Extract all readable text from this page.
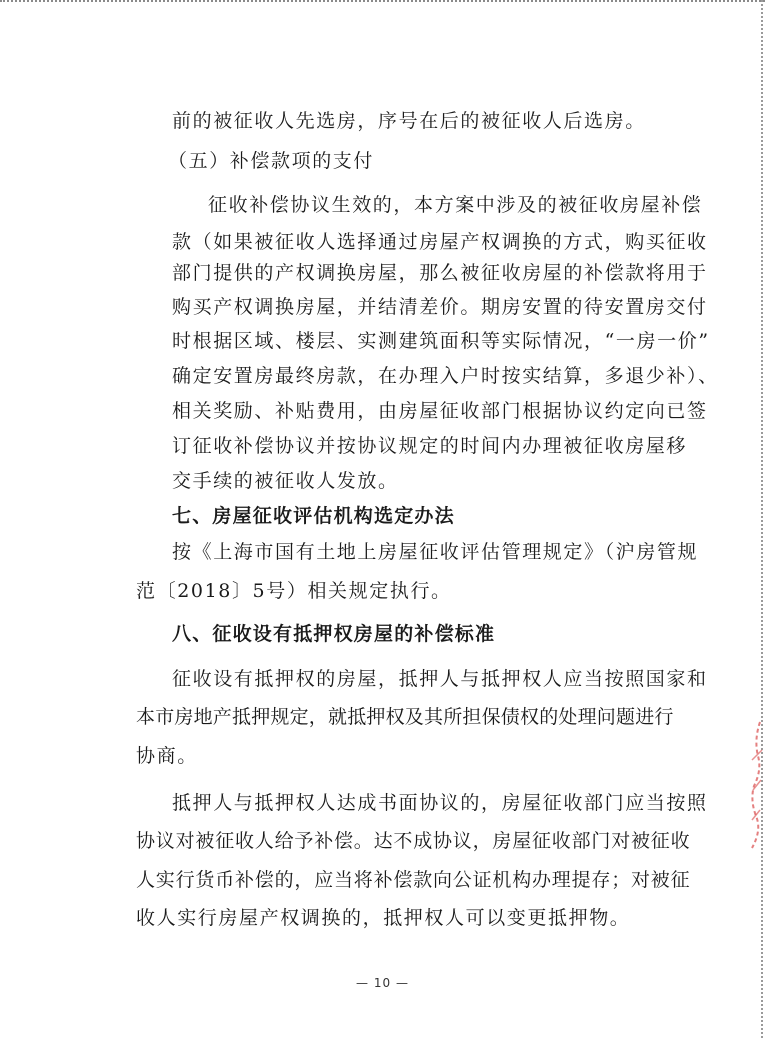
前的被征收人先选房，序号在后的被征收人后选房。
（五）补偿款项的支付
征收补偿协议生效的，本方案中涉及的被征收房屋补偿
款（如果被征收人选择通过房屋产权调换的方式，购买征收
部门提供的产权调换房屋，那么被征收房屋的补偿款将用于
购买产权调换房屋，并结清差价。期房安置的待安置房交付
时根据区域、楼层、实测建筑面积等实际情况，“一房一价”
确定安置房最终房款，在办理入户时按实结算，多退少补）、
相关奖励、补贴费用，由房屋征收部门根据协议约定向已签
订征收补偿协议并按协议规定的时间内办理被征收房屋移
交手续的被征收人发放。
七、房屋征收评估机构选定办法
按《上海市国有土地上房屋征收评估管理规定》（沪房管规
范〔2018〕5号）相关规定执行。
八、征收设有抵押权房屋的补偿标准
征收设有抵押权的房屋，抵押人与抵押权人应当按照国家和
本市房地产抵押规定，就抵押权及其所担保债权的处理问题进行
协商。
抵押人与抵押权人达成书面协议的，房屋征收部门应当按照
协议对被征收人给予补偿。达不成协议，房屋征收部门对被征收
人实行货币补偿的，应当将补偿款向公证机构办理提存；对被征
收人实行房屋产权调换的，抵押权人可以变更抵押物。
— 10 —
